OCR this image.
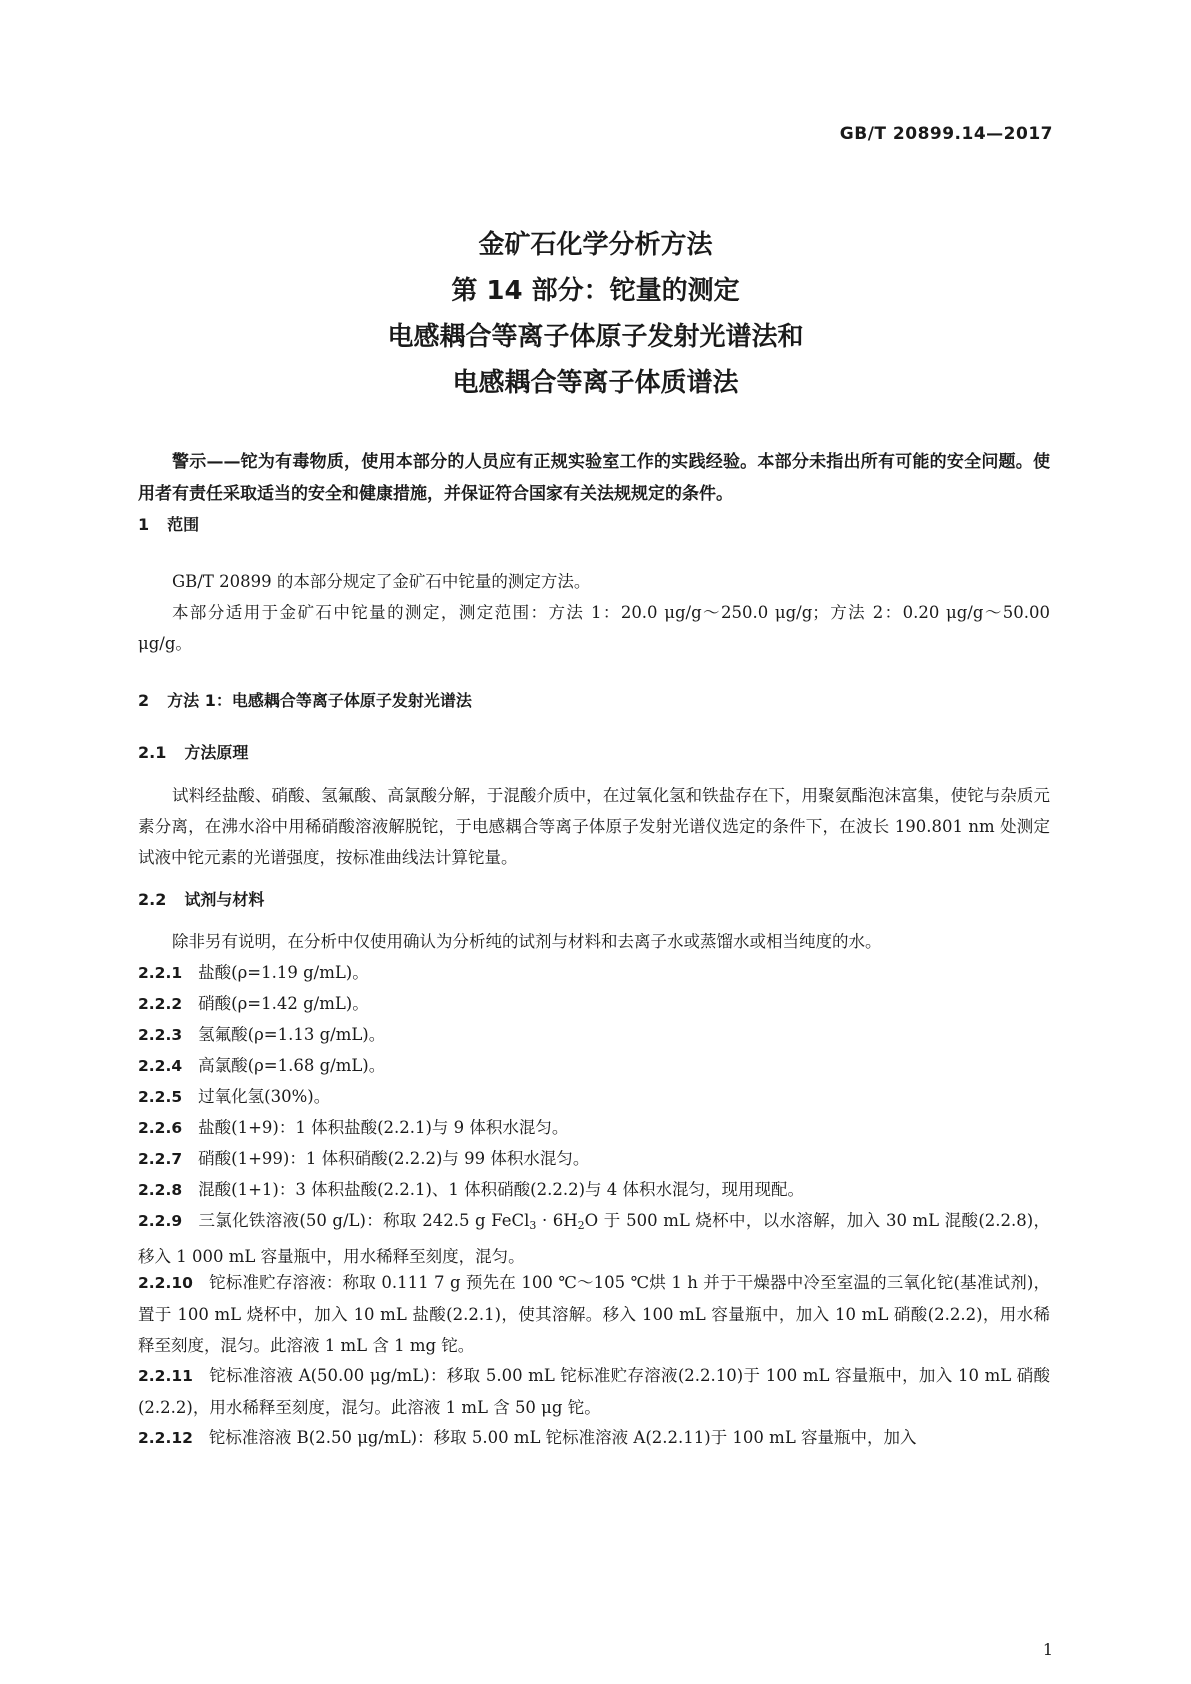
GB/T 20899.14—2017
金矿石化学分析方法
第 14 部分：铊量的测定
电感耦合等离子体原子发射光谱法和
电感耦合等离子体质谱法

警示——铊为有毒物质，使用本部分的人员应有正规实验室工作的实践经验。本部分未指出所有可能的安全问题。使用者有责任采取适当的安全和健康措施，并保证符合国家有关法规规定的条件。

1 范围

GB/T 20899 的本部分规定了金矿石中铊量的测定方法。

本部分适用于金矿石中铊量的测定，测定范围：方法 1：20.0 μg/g～250.0 μg/g；方法 2：0.20 μg/g～50.00 μg/g。

2 方法 1：电感耦合等离子体原子发射光谱法
2.1 方法原理

试料经盐酸、硝酸、氢氟酸、高氯酸分解，于混酸介质中，在过氧化氢和铁盐存在下，用聚氨酯泡沫富集，使铊与杂质元素分离，在沸水浴中用稀硝酸溶液解脱铊，于电感耦合等离子体原子发射光谱仪选定的条件下，在波长 190.801 nm 处测定试液中铊元素的光谱强度，按标准曲线法计算铊量。

2.2 试剂与材料

除非另有说明，在分析中仅使用确认为分析纯的试剂与材料和去离子水或蒸馏水或相当纯度的水。

2.2.1 盐酸(ρ=1.19 g/mL)。
2.2.2 硝酸(ρ=1.42 g/mL)。
2.2.3 氢氟酸(ρ=1.13 g/mL)。
2.2.4 高氯酸(ρ=1.68 g/mL)。
2.2.5 过氧化氢(30%)。
2.2.6 盐酸(1+9)：1 体积盐酸(2.2.1)与 9 体积水混匀。
2.2.7 硝酸(1+99)：1 体积硝酸(2.2.2)与 99 体积水混匀。
2.2.8 混酸(1+1)：3 体积盐酸(2.2.1)、1 体积硝酸(2.2.2)与 4 体积水混匀，现用现配。
2.2.9 三氯化铁溶液(50 g/L)：称取 242.5 g FeCl$_3$ · $6H_2O$ 于 500 mL 烧杯中，以水溶解，加入 30 mL 混酸(2.2.8)，移入 1 000 mL 容量瓶中，用水稀释至刻度，混匀。
2.2.10 铊标准贮存溶液：称取 0.111 7 g 预先在 100 ℃～105 ℃烘 1 h 并于干燥器中冷至室温的三氧化铊(基准试剂)，置于 100 mL 烧杯中，加入 10 mL 盐酸(2.2.1)，使其溶解。移入 100 mL 容量瓶中，加入 10 mL 硝酸(2.2.2)，用水稀释至刻度，混匀。此溶液 1 mL 含 1 mg 铊。
2.2.11 铊标准溶液 A(50.00 μg/mL)：移取 5.00 mL 铊标准贮存溶液(2.2.10)于 100 mL 容量瓶中，加入 10 mL 硝酸(2.2.2)，用水稀释至刻度，混匀。此溶液 1 mL 含 50 μg 铊。
2.2.12 铊标准溶液 B(2.50 μg/mL)：移取 5.00 mL 铊标准溶液 A(2.2.11)于 100 mL 容量瓶中，加入
1
